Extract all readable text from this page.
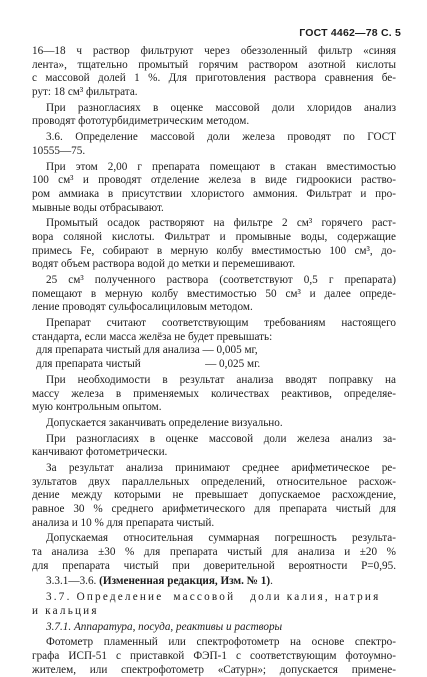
ГОСТ 4462—78 С. 5
16—18 ч раствор фильтруют через обеззоленный фильтр «синяя
лента», тщательно промытый горячим раствором азотной кислоты
с массовой долей 1 %. Для приготовления раствора сравнения бе-
рут: 18 см³ фильтрата.
При разногласиях в оценке массовой доли хлоридов анализ
проводят фототурбидиметрическим методом.
3.6. Определение массовой доли железа проводят по ГОСТ
10555—75.
При этом 2,00 г препарата помещают в стакан вместимостью
100 см³ и проводят отделение железа в виде гидроокиси раство-
ром аммиака в присутствии хлористого аммония. Фильтрат и про-
мывные воды отбрасывают.
Промытый осадок растворяют на фильтре 2 см³ горячего раст-
вора соляной кислоты. Фильтрат и промывные воды, содержащие
примесь Fe, собирают в мерную колбу вместимостью 100 см³, до-
водят объем раствора водой до метки и перемешивают.
25 см³ полученного раствора (соответствуют 0,5 г препарата)
помещают в мерную колбу вместимостью 50 см³ и далее опреде-
ление проводят сульфосалициловым методом.
Препарат считают соответствующим требованиям настоящего
стандарта, если масса желёза не будет превышать:
для препарата чистый для анализа — 0,005 мг,
для препарата чистый                       — 0,025 мг.
При необходимости в результат анализа вводят поправку на
массу железа в применяемых количествах реактивов, определяе-
мую контрольным опытом.
Допускается заканчивать определение визуально.
При разногласиях в оценке массовой доли железа анализ за-
канчивают фотометрически.
За результат анализа принимают среднее арифметическое ре-
зультатов двух параллельных определений, относительное расхож-
дение между которыми не превышает допускаемое расхождение,
равное 30 % среднего арифметического для препарата чистый для
анализа и 10 % для препарата чистый.
Допускаемая относительная суммарная погрешность результа-
та анализа ±30 % для препарата чистый для анализа и ±20 %
для препарата чистый при доверительной вероятности P=0,95.
3.3.1—3.6. (Измененная редакция, Изм. № 1).
3.7. Определение  массовой   доли калия, натрия
и кальция
3.7.1. Аппаратура, посуда, реактивы и растворы
Фотометр пламенный или спектрофотометр на основе спектро-
графа ИСП-51 с приставкой ФЭП-1 с соответствующим фотоумно-
жителем, или спектрофотометр «Сатурн»; допускается примене-
